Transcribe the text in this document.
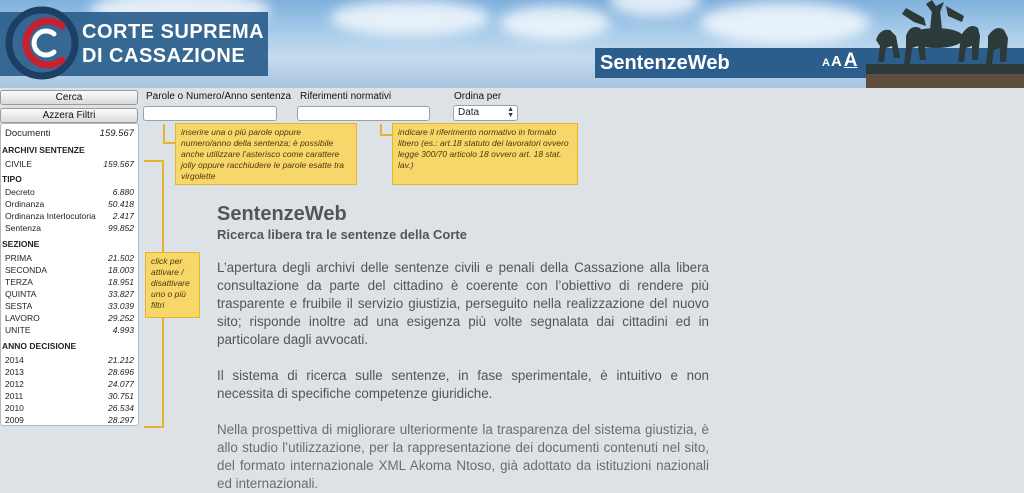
CORTE SUPREMA
DI CASSAZIONE	SentenzeWeb	AA A
Cerca
Azzera Filtri
Parole o Numero/Anno sentenza Riferimenti normativi	Ordina per
Data	▲
▼
inserire una o più parole oppure numero/anno della sentenza; è possibile anche utilizzare l’asterisco come carattere jolly oppure racchiudere le parole esatte tra virgolette
indicare il riferimento normativo in formato libero (es.: art.18 statuto dei lavoratori ovvero legge 300/70 articolo 18 ovvero art. 18 stat. lav.)
click per attivare / disattivare uno o più filtri
Documenti	159.567
ARCHIVI SENTENZE
CIVILE	159.567
TIPO
Decreto	6.880
Ordinanza	50.418
Ordinanza Interlocutoria 2.417
Sentenza	99.852
SEZIONE
PRIMA	21.502
SECONDA	18.003
TERZA	18.951
QUINTA	33.827
SESTA	33.039
LAVORO	29.252
UNITE	4.993
ANNO DECISIONE
2014	21.212
2013	28.696
2012	24.077
2011	30.751
2010	26.534
2009	28.297
SentenzeWeb
Ricerca libera tra le sentenze della Corte

L’apertura degli archivi delle sentenze civili e penali della Cassazione alla libera consultazione da parte del cittadino è coerente con l’obiettivo di rendere più trasparente e fruibile il servizio giustizia, perseguito nella realizzazione del nuovo sito; risponde inoltre ad una esigenza più volte segnalata dai cittadini ed in particolare dagli avvocati.

Il sistema di ricerca sulle sentenze, in fase sperimentale, è intuitivo e non necessita di specifiche competenze giuridiche.

Nella prospettiva di migliorare ulteriormente la trasparenza del sistema giustizia, è allo studio l’utilizzazione, per la rappresentazione dei documenti contenuti nel sito, del formato internazionale XML Akoma Ntoso, già adottato da istituzioni nazionali ed internazionali.
